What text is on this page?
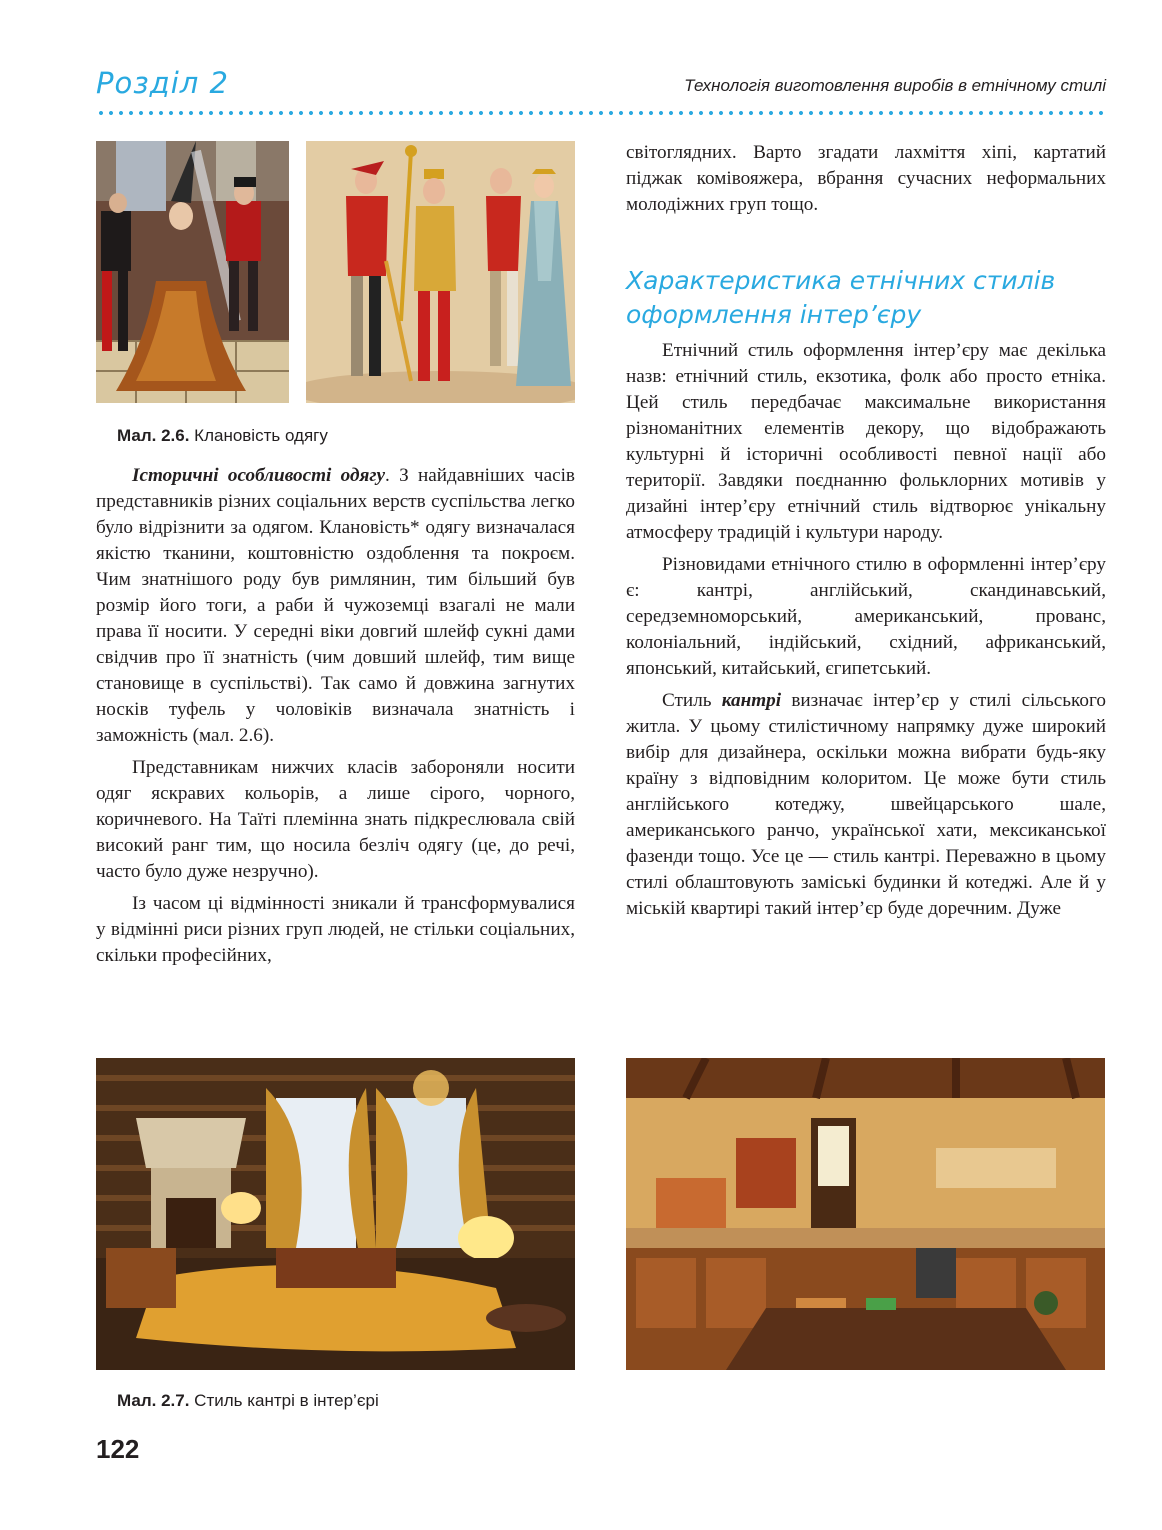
Розділ 2	Технологія виготовлення виробів в етнічному стилі
Мал. 2.6. Клановість одягу

Історичні особливості одягу. З найдавніших часів представників різних соціальних верств суспільства легко було відрізнити за одягом. Клановість* одягу визначалася якістю тканини, коштовністю оздоблення та покроєм. Чим знатнішого роду був римлянин, тим більший був розмір його тоги, а раби й чужоземці взагалі не мали права її носити. У середні віки довгий шлейф сукні дами свідчив про її знатність (чим довший шлейф, тим вище становище в суспільстві). Так само й довжина загнутих носків туфель у чоловіків визначала знатність і заможність (мал. 2.6).

Представникам нижчих класів забороняли носити одяг яскравих кольорів, а лише сірого, чорного, коричневого. На Таїті племінна знать підкреслювала свій високий ранг тим, що носила безліч одягу (це, до речі, часто було дуже незручно).

Із часом ці відмінності зникали й трансформувалися у відмінні риси різних груп людей, не стільки соціальних, скільки професійних,

світоглядних. Варто згадати лахміття хіпі, картатий піджак комівояжера, вбрання сучасних неформальних молодіжних груп тощо.

Характеристика етнічних стилів оформлення інтер’єру

Етнічний стиль оформлення інтер’єру має декілька назв: етнічний стиль, екзотика, фолк або просто етніка. Цей стиль передбачає максимальне використання різноманітних елементів декору, що відображають культурні й історичні особливості певної нації або території. Завдяки поєднанню фольклорних мотивів у дизайні інтер’єру етнічний стиль відтворює унікальну атмосферу традицій і культури народу.

Різновидами етнічного стилю в оформленні інтер’єру є: кантрі, англійський, скандинавський, середземноморський, американський, прованс, колоніальний, індійський, східний, африканський, японський, китайський, єгипетський.

Стиль кантрі визначає інтер’єр у стилі сільського житла. У цьому стилістичному напрямку дуже широкий вибір для дизайнера, оскільки можна вибрати будь-яку країну з відповідним колоритом. Це може бути стиль англійського котеджу, швейцарського шале, американського ранчо, української хати, мексиканської фазенди тощо. Усе це — стиль кантрі. Переважно в цьому стилі облаштовують заміські будинки й котеджі. Але й у міській квартирі такий інтер’єр буде доречним. Дуже

Мал. 2.7. Стиль кантрі в інтер’єрі
122
